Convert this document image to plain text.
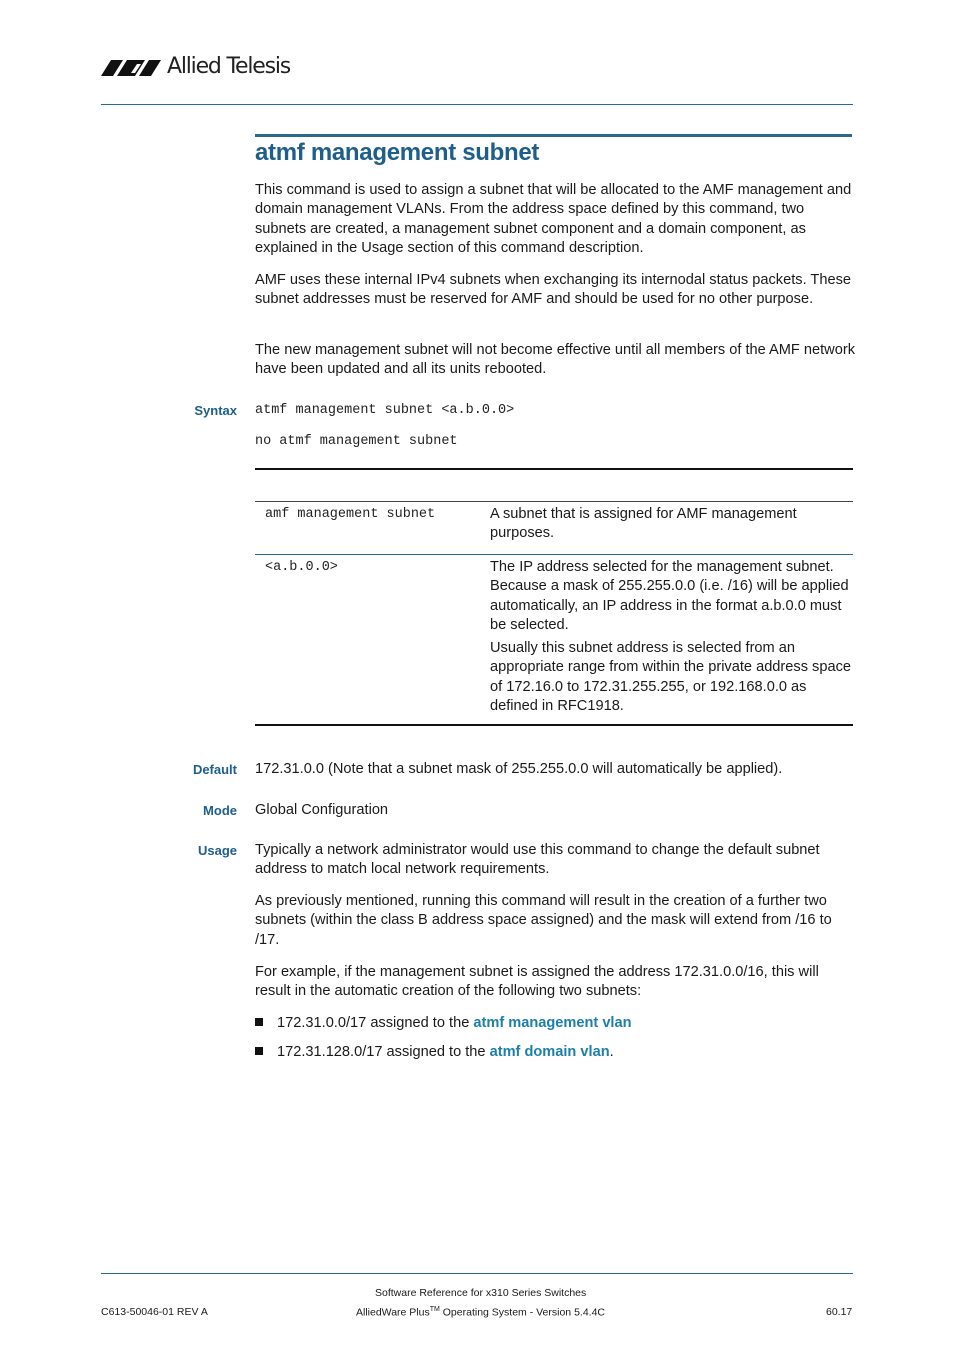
Allied Telesis
atmf management subnet

This command is used to assign a subnet that will be allocated to the AMF management and domain management VLANs. From the address space defined by this command, two subnets are created, a management subnet component and a domain component, as explained in the Usage section of this command description.

AMF uses these internal IPv4 subnets when exchanging its internodal status packets. These subnet addresses must be reserved for AMF and should be used for no other purpose.

The new management subnet will not become effective until all members of the AMF network have been updated and all its units rebooted.

Syntax atmf management subnet <a.b.0.0>
no atmf management subnet
amf management subnet	A subnet that is assigned for AMF management purposes.

<a.b.0.0>	The IP address selected for the management subnet. Because a mask of 255.255.0.0 (i.e. /16) will be applied automatically, an IP address in the format a.b.0.0 must be selected.

Usually this subnet address is selected from an appropriate range from within the private address space of 172.16.0 to 172.31.255.255, or 192.168.0.0 as defined in RFC1918.

Default 172.31.0.0 (Note that a subnet mask of 255.255.0.0 will automatically be applied).

Mode Global Configuration

Usage Typically a network administrator would use this command to change the default subnet address to match local network requirements.

As previously mentioned, running this command will result in the creation of a further two subnets (within the class B address space assigned) and the mask will extend from /16 to /17.

For example, if the management subnet is assigned the address 172.31.0.0/16, this will result in the automatic creation of the following two subnets:

172.31.0.0/17 assigned to the atmf management vlan
172.31.128.0/17 assigned to the atmf domain vlan.
Software Reference for x310 Series Switches
C613-50046-01 REV A	AlliedWare Plus™ Operating System - Version 5.4.4C	60.17
